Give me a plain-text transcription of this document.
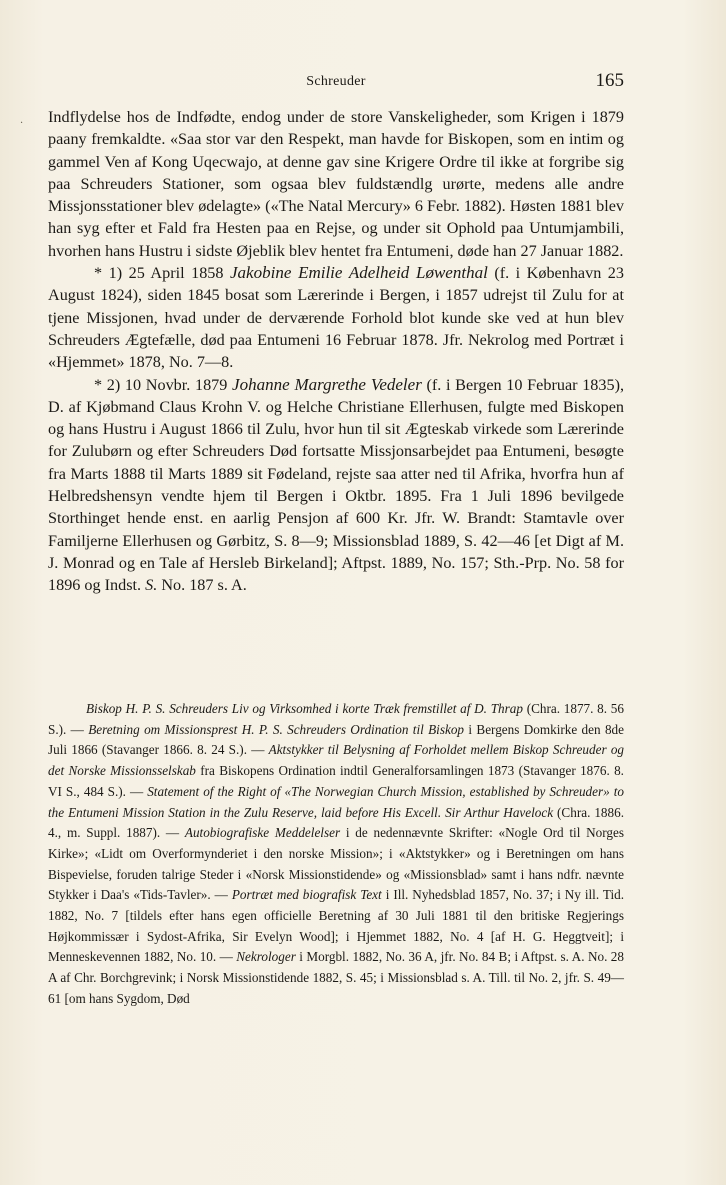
·
Schreuder	165

Indflydelse hos de Indfødte, endog under de store Vanskeligheder, som Krigen i 1879 paany fremkaldte. «Saa stor var den Respekt, man havde for Biskopen, som en intim og gammel Ven af Kong Uqecwajo, at denne gav sine Krigere Ordre til ikke at forgribe sig paa Schreuders Stationer, som ogsaa blev fuldstændlg urørte, medens alle andre Missjonsstationer blev ødelagte» («The Natal Mercury» 6 Febr. 1882). Høsten 1881 blev han syg efter et Fald fra Hesten paa en Rejse, og under sit Ophold paa Untumjambili, hvorhen hans Hustru i sidste Øjeblik blev hentet fra Entumeni, døde han 27 Januar 1882.

* 1) 25 April 1858 Jakobine Emilie Adelheid Løwenthal (f. i København 23 August 1824), siden 1845 bosat som Lærerinde i Bergen, i 1857 udrejst til Zulu for at tjene Missjonen, hvad under de derværende Forhold blot kunde ske ved at hun blev Schreuders Ægtefælle, død paa Entumeni 16 Februar 1878. Jfr. Nekrolog med Portræt i «Hjemmet» 1878, No. 7—8.

* 2) 10 Novbr. 1879 Johanne Margrethe Vedeler (f. i Bergen 10 Februar 1835), D. af Kjøbmand Claus Krohn V. og Helche Christiane Ellerhusen, fulgte med Biskopen og hans Hustru i August 1866 til Zulu, hvor hun til sit Ægteskab virkede som Lærerinde for Zulubørn og efter Schreuders Død fortsatte Missjonsarbejdet paa Entumeni, besøgte fra Marts 1888 til Marts 1889 sit Fødeland, rejste saa atter ned til Afrika, hvorfra hun af Helbredshensyn vendte hjem til Bergen i Oktbr. 1895. Fra 1 Juli 1896 bevilgede Storthinget hende enst. en aarlig Pensjon af 600 Kr. Jfr. W. Brandt: Stamtavle over Familjerne Ellerhusen og Gørbitz, S. 8—9; Missionsblad 1889, S. 42—46 [et Digt af M. J. Monrad og en Tale af Hersleb Birkeland]; Aftpst. 1889, No. 157; Sth.-Prp. No. 58 for 1896 og Indst. S. No. 187 s. A.

Biskop H. P. S. Schreuders Liv og Virksomhed i korte Træk fremstillet af D. Thrap (Chra. 1877. 8. 56 S.). — Beretning om Missionsprest H. P. S. Schreuders Ordination til Biskop i Bergens Domkirke den 8de Juli 1866 (Stavanger 1866. 8. 24 S.). — Aktstykker til Belysning af Forholdet mellem Biskop Schreuder og det Norske Missionsselskab fra Biskopens Ordination indtil Generalforsamlingen 1873 (Stavanger 1876. 8. VI S., 484 S.). — Statement of the Right of «The Norwegian Church Mission, established by Schreuder» to the Entumeni Mission Station in the Zulu Reserve, laid before His Excell. Sir Arthur Havelock (Chra. 1886. 4., m. Suppl. 1887). — Autobiografiske Meddelelser i de nedennævnte Skrifter: «Nogle Ord til Norges Kirke»; «Lidt om Overformynderiet i den norske Mission»; i «Aktstykker» og i Beretningen om hans Bispevielse, foruden talrige Steder i «Norsk Missionstidende» og «Missionsblad» samt i hans ndfr. nævnte Stykker i Daa's «Tids-Tavler». — Portræt med biografisk Text i Ill. Nyhedsblad 1857, No. 37; i Ny ill. Tid. 1882, No. 7 [tildels efter hans egen officielle Beretning af 30 Juli 1881 til den britiske Regjerings Højkommissær i Sydost-Afrika, Sir Evelyn Wood]; i Hjemmet 1882, No. 4 [af H. G. Heggtveit]; i Menneskevennen 1882, No. 10. — Nekrologer i Morgbl. 1882, No. 36 A, jfr. No. 84 B; i Aftpst. s. A. No. 28 A af Chr. Borchgrevink; i Norsk Missionstidende 1882, S. 45; i Missionsblad s. A. Till. til No. 2, jfr. S. 49—61 [om hans Sygdom, Død
